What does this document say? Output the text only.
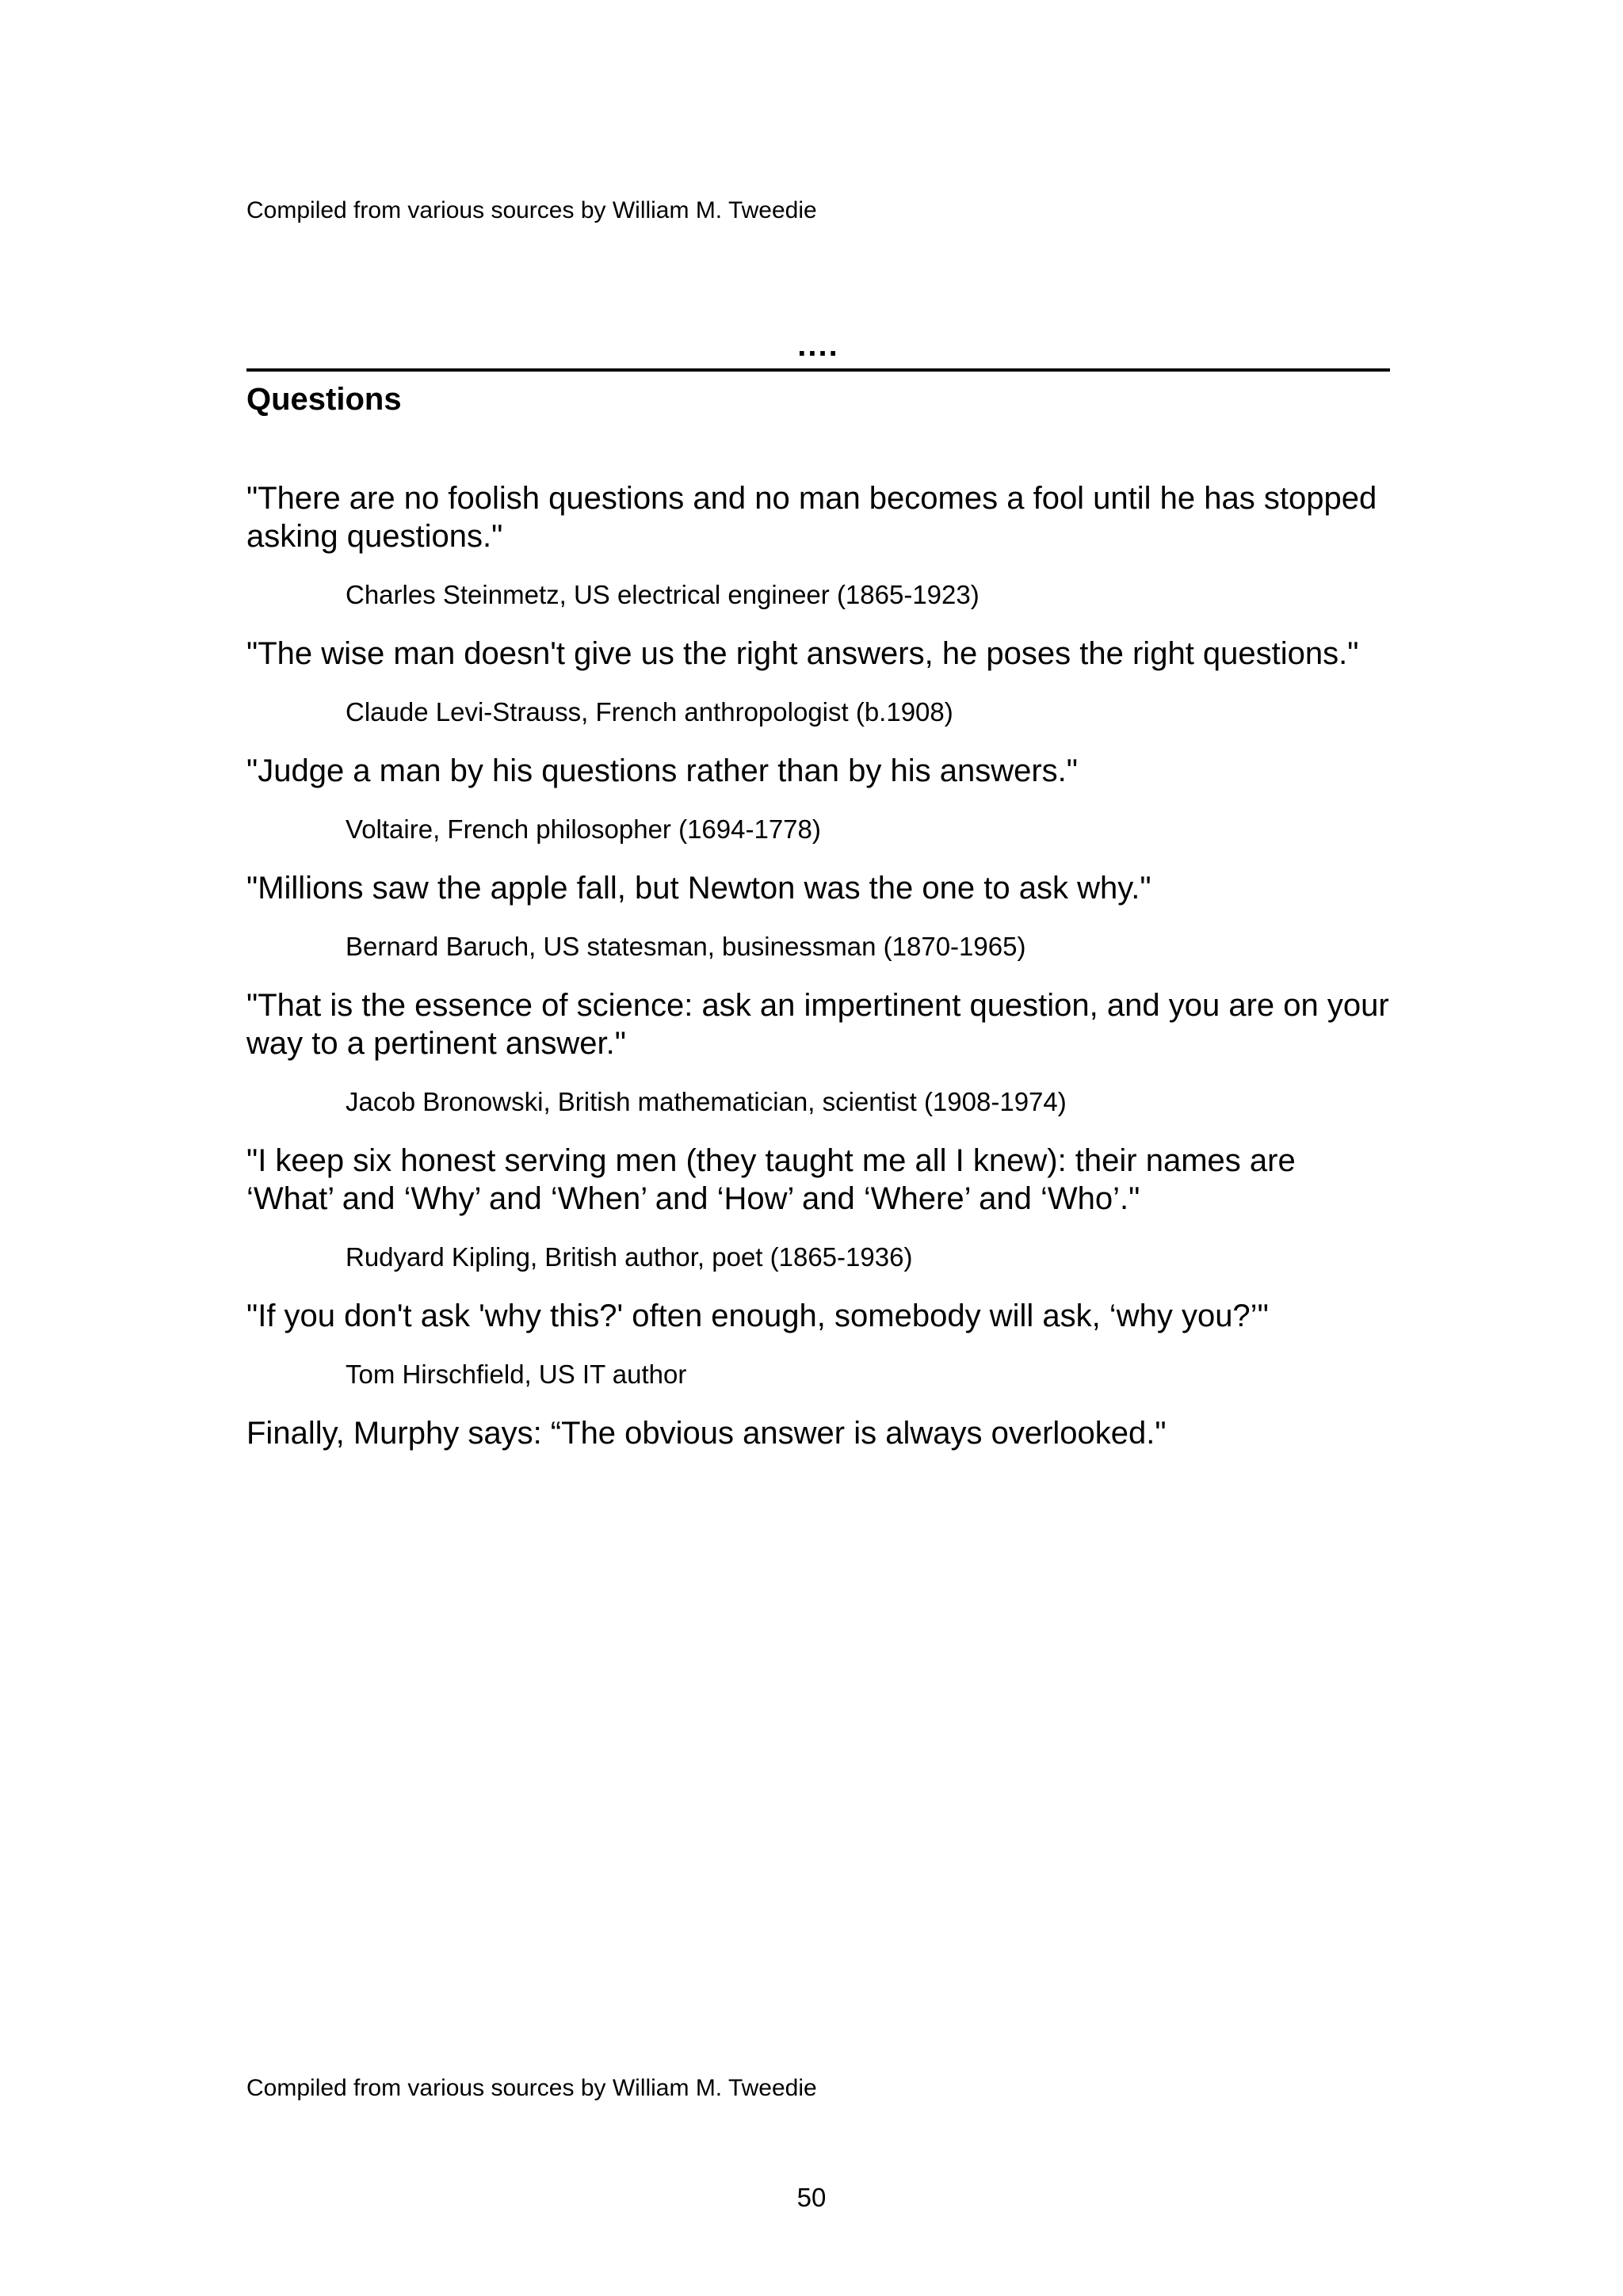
Compiled from various sources by William M. Tweedie
....
Questions

"There are no foolish questions and no man becomes a fool until he has stopped asking questions."

Charles Steinmetz, US electrical engineer (1865-1923)

"The wise man doesn't give us the right answers, he poses the right questions."

Claude Levi-Strauss, French anthropologist (b.1908)

"Judge a man by his questions rather than by his answers."

Voltaire, French philosopher (1694-1778)

"Millions saw the apple fall, but Newton was the one to ask why."

Bernard Baruch, US statesman, businessman (1870-1965)

"That is the essence of science: ask an impertinent question, and you are on your way to a pertinent answer."

Jacob Bronowski, British mathematician, scientist (1908-1974)

"I keep six honest serving men (they taught me all I knew): their names are ‘What’ and ‘Why’ and ‘When’ and ‘How’ and ‘Where’ and ‘Who’."

Rudyard Kipling, British author, poet (1865-1936)

"If you don't ask 'why this?' often enough, somebody will ask, ‘why you?’"

Tom Hirschfield, US IT author

Finally, Murphy says: “The obvious answer is always overlooked."

Compiled from various sources by William M. Tweedie
50
